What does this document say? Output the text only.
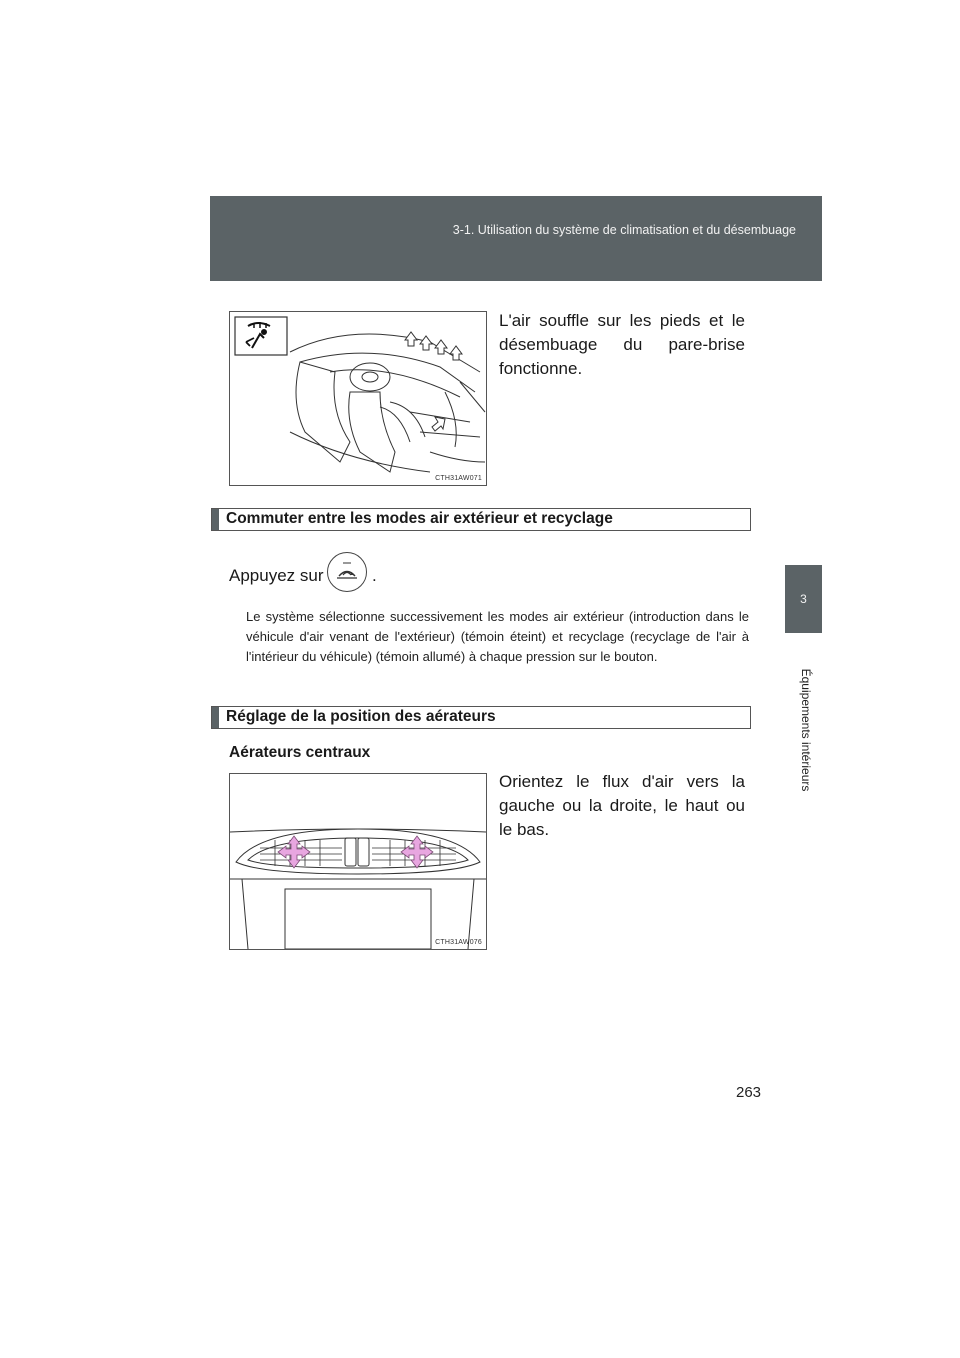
3-1. Utilisation du système de climatisation et du désembuage
3
Équipements intérieurs
CTH31AW071
L'air souffle sur les pieds et le désembuage du pare-brise fonctionne.
Commuter entre les modes air extérieur et recyclage
Appuyez sur	.
Le système sélectionne successivement les modes air extérieur (introduction dans le véhicule d'air venant de l'extérieur) (témoin éteint) et recyclage (recyclage de l'air à l'intérieur du véhicule) (témoin allumé) à chaque pression sur le bouton.
Réglage de la position des aérateurs
Aérateurs centraux
CTH31AW076
Orientez le flux d'air vers la gauche ou la droite, le haut ou le bas.
263
